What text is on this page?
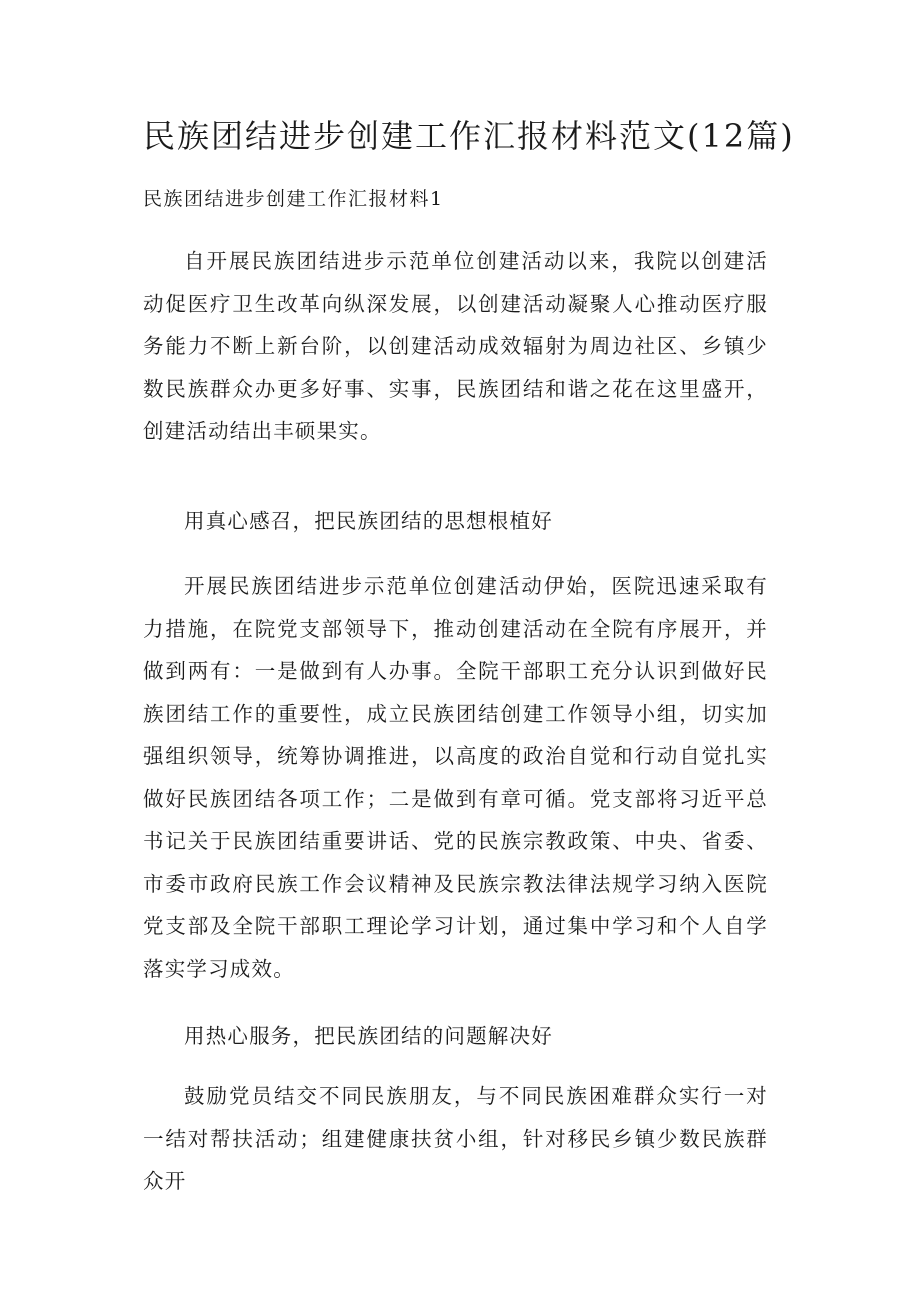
民族团结进步创建工作汇报材料范文(12篇)
民族团结进步创建工作汇报材料1

自开展民族团结进步示范单位创建活动以来，我院以创建活动促医疗卫生改革向纵深发展，以创建活动凝聚人心推动医疗服务能力不断上新台阶，以创建活动成效辐射为周边社区、乡镇少数民族群众办更多好事、实事，民族团结和谐之花在这里盛开，创建活动结出丰硕果实。

用真心感召，把民族团结的思想根植好

开展民族团结进步示范单位创建活动伊始，医院迅速采取有力措施，在院党支部领导下，推动创建活动在全院有序展开，并做到两有：一是做到有人办事。全院干部职工充分认识到做好民族团结工作的重要性，成立民族团结创建工作领导小组，切实加强组织领导，统筹协调推进，以高度的政治自觉和行动自觉扎实做好民族团结各项工作；二是做到有章可循。党支部将习近平总书记关于民族团结重要讲话、党的民族宗教政策、中央、省委、市委市政府民族工作会议精神及民族宗教法律法规学习纳入医院党支部及全院干部职工理论学习计划，通过集中学习和个人自学落实学习成效。

用热心服务，把民族团结的问题解决好

鼓励党员结交不同民族朋友，与不同民族困难群众实行一对一结对帮扶活动；组建健康扶贫小组，针对移民乡镇少数民族群众开
